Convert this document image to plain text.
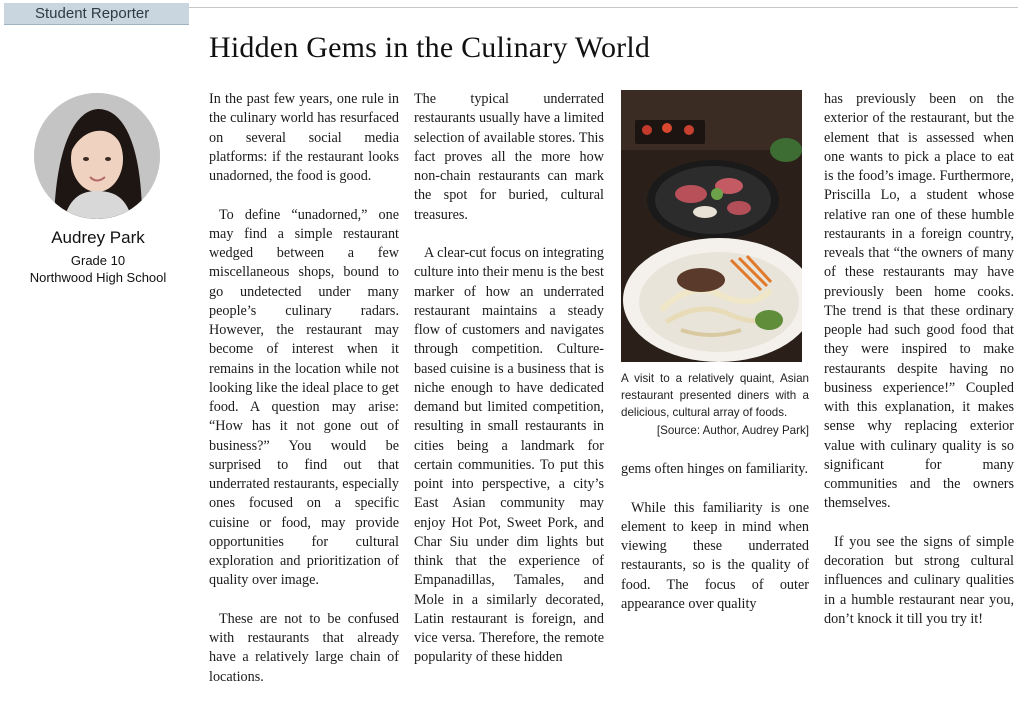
Student Reporter
Hidden Gems in the Culinary World
Audrey Park
Grade 10
Northwood High School

In the past few years, one rule in the culinary world has resurfaced on several social media platforms: if the restaurant looks unadorned, the food is good.

To define “unadorned,” one may find a simple restaurant wedged between a few miscellaneous shops, bound to go undetected under many people’s culinary radars. However, the restaurant may become of interest when it remains in the location while not looking like the ideal place to get food. A question may arise: “How has it not gone out of business?” You would be surprised to find out that underrated restaurants, especially ones focused on a specific cuisine or food, may provide opportunities for cultural exploration and prioritization of quality over image.

These are not to be confused with restaurants that already have a relatively large chain of locations.

The typical underrated restaurants usually have a limited selection of available stores. This fact proves all the more how non-chain restaurants can mark the spot for buried, cultural treasures.

A clear-cut focus on integrating culture into their menu is the best marker of how an underrated restaurant maintains a steady flow of customers and navigates through competition. Culture-based cuisine is a business that is niche enough to have dedicated demand but limited competition, resulting in small restaurants in cities being a landmark for certain communities. To put this point into perspective, a city’s East Asian community may enjoy Hot Pot, Sweet Pork, and Char Siu under dim lights but think that the experience of Empanadillas, Tamales, and Mole in a similarly decorated, Latin restaurant is foreign, and vice versa. Therefore, the remote popularity of these hidden

A visit to a relatively quaint, Asian restaurant presented diners with a delicious, cultural array of foods.
[Source: Author, Audrey Park]

gems often hinges on familiarity.

While this familiarity is one element to keep in mind when viewing these underrated restaurants, so is the quality of food. The focus of outer appearance over quality

has previously been on the exterior of the restaurant, but the element that is assessed when one wants to pick a place to eat is the food’s image. Furthermore, Priscilla Lo, a student whose relative ran one of these humble restaurants in a foreign country, reveals that “the owners of many of these restaurants may have previously been home cooks. The trend is that these ordinary people had such good food that they were inspired to make restaurants despite having no business experience!” Coupled with this explanation, it makes sense why replacing exterior value with culinary quality is so significant for many communities and the owners themselves.

If you see the signs of simple decoration but strong cultural influences and culinary qualities in a humble restaurant near you, don’t knock it till you try it!
